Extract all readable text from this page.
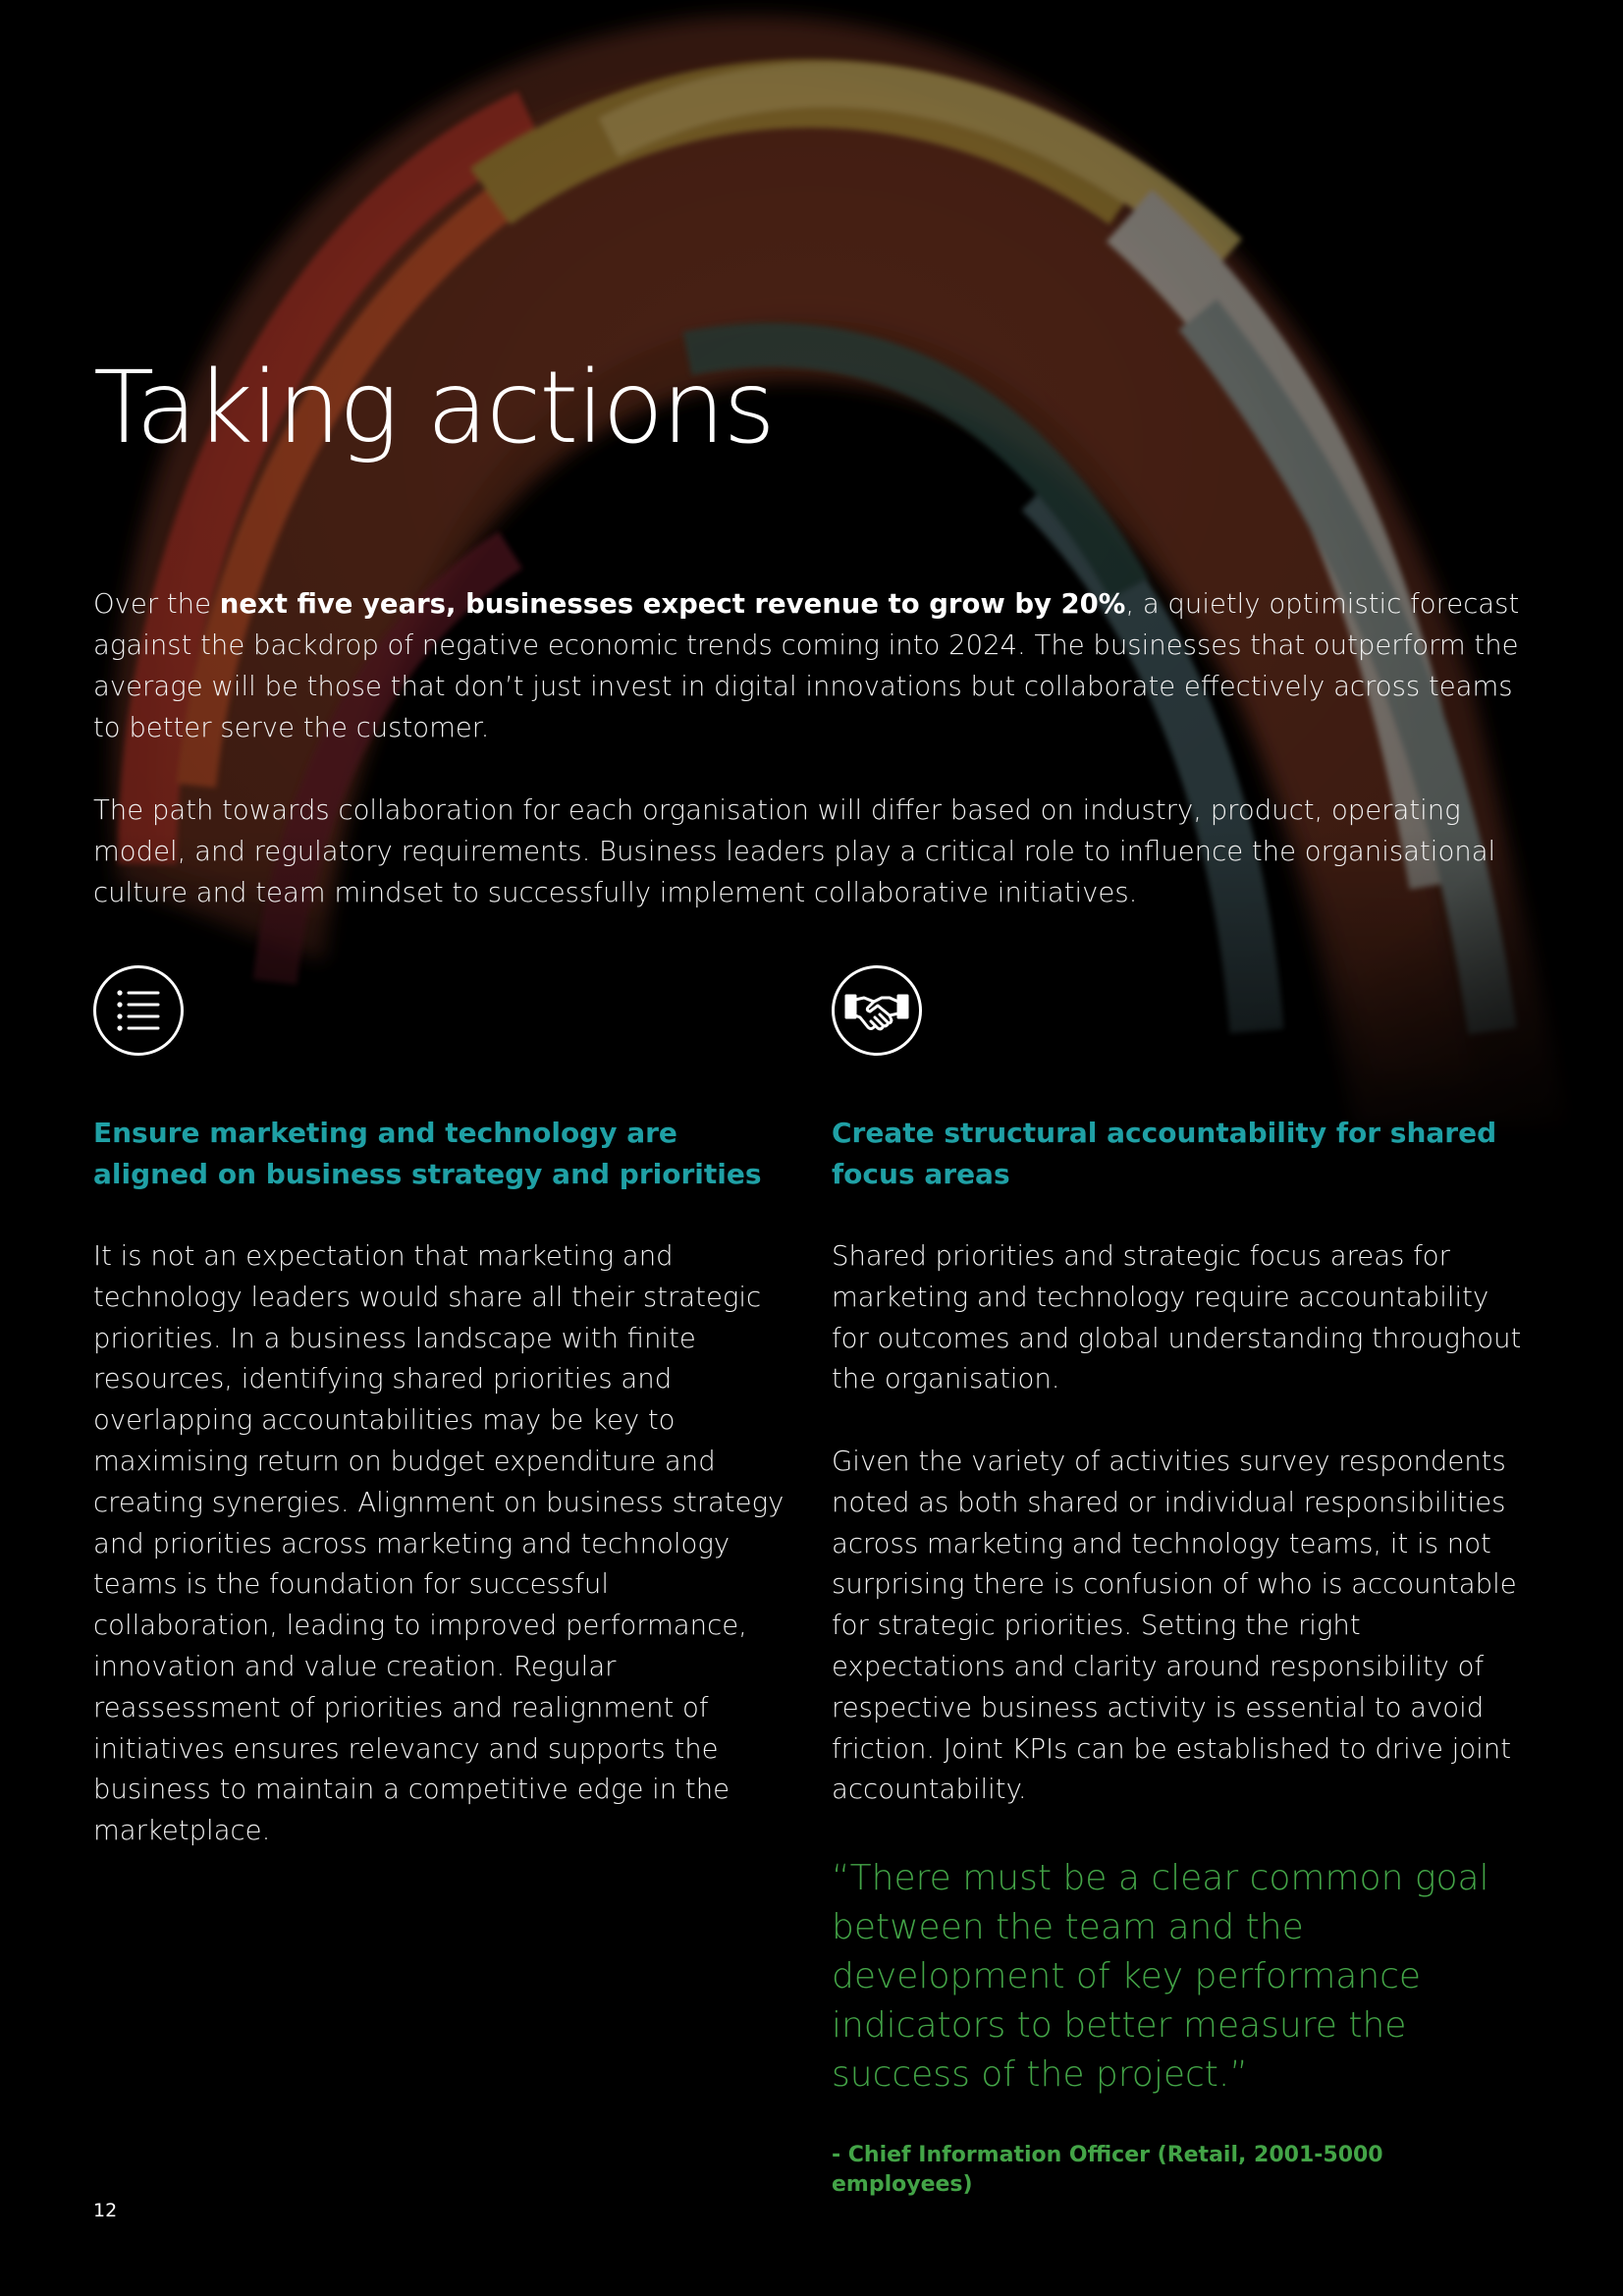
Taking actions

Over the next five years, businesses expect revenue to grow by 20%, a quietly optimistic forecast against the backdrop of negative economic trends coming into 2024. The businesses that outperform the average will be those that don’t just invest in digital innovations but collaborate effectively across teams to better serve the customer.

The path towards collaboration for each organisation will differ based on industry, product, operating model, and regulatory requirements. Business leaders play a critical role to influence the organisational culture and team mindset to successfully implement collaborative initiatives.

Ensure marketing and technology are aligned on business strategy and priorities

It is not an expectation that marketing and technology leaders would share all their strategic priorities. In a business landscape with finite resources, identifying shared priorities and overlapping accountabilities may be key to maximising return on budget expenditure and creating synergies. Alignment on business strategy and priorities across marketing and technology teams is the foundation for successful collaboration, leading to improved performance, innovation and value creation. Regular reassessment of priorities and realignment of initiatives ensures relevancy and supports the business to maintain a competitive edge in the marketplace.

Create structural accountability for shared focus areas

Shared priorities and strategic focus areas for marketing and technology require accountability for outcomes and global understanding throughout the organisation.

Given the variety of activities survey respondents noted as both shared or individual responsibilities across marketing and technology teams, it is not surprising there is confusion of who is accountable for strategic priorities. Setting the right expectations and clarity around responsibility of respective business activity is essential to avoid friction. Joint KPIs can be established to drive joint accountability.

“There must be a clear common goal between the team and the development of key performance indicators to better measure the success of the project.”

- Chief Information Officer (Retail, 2001-5000 employees)

12
